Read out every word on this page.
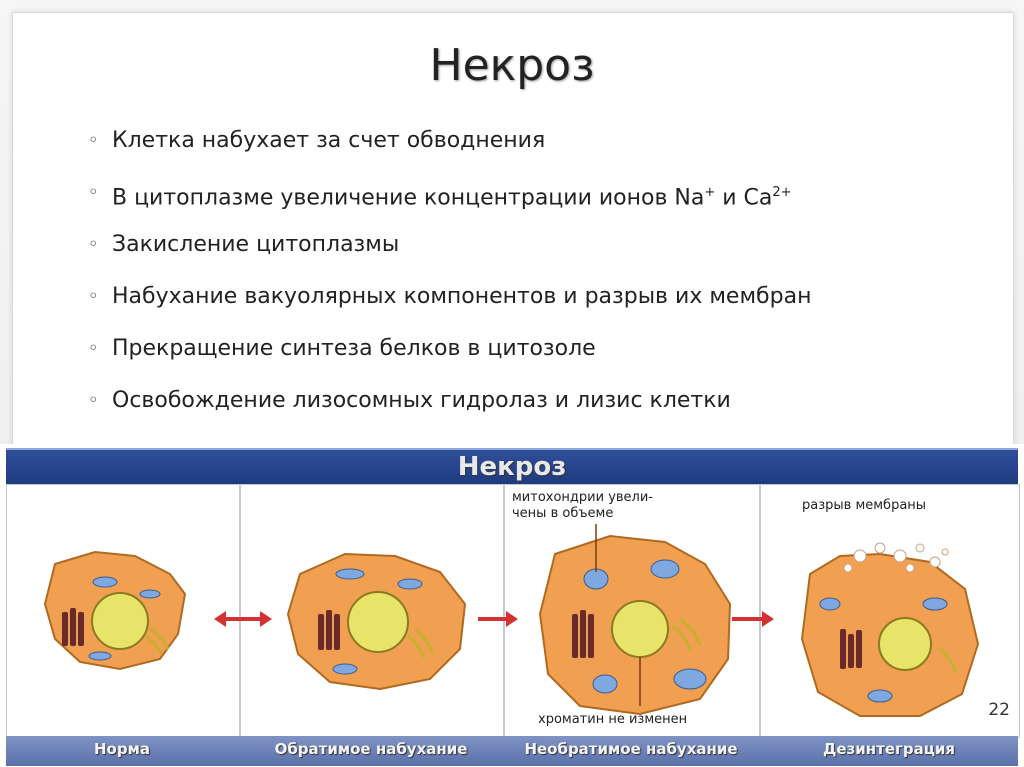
Некроз
◦ Клетка набухает за счет обводнения
◦ В цитоплазме увеличение концентрации ионов Na+ и $Ca^{2+}$
◦ Закисление цитоплазмы
◦ Набухание вакуолярных компонентов и разрыв их мембран
◦ Прекращение синтеза белков в цитозоле
◦ Освобождение лизосомных гидролаз и лизис клетки
Некроз
митохондрии увели-
чены в объеме
хроматин не изменен
разрыв мембраны
Норма	Обратимое набухание	Необратимое набухание	Дезинтеграция
22
